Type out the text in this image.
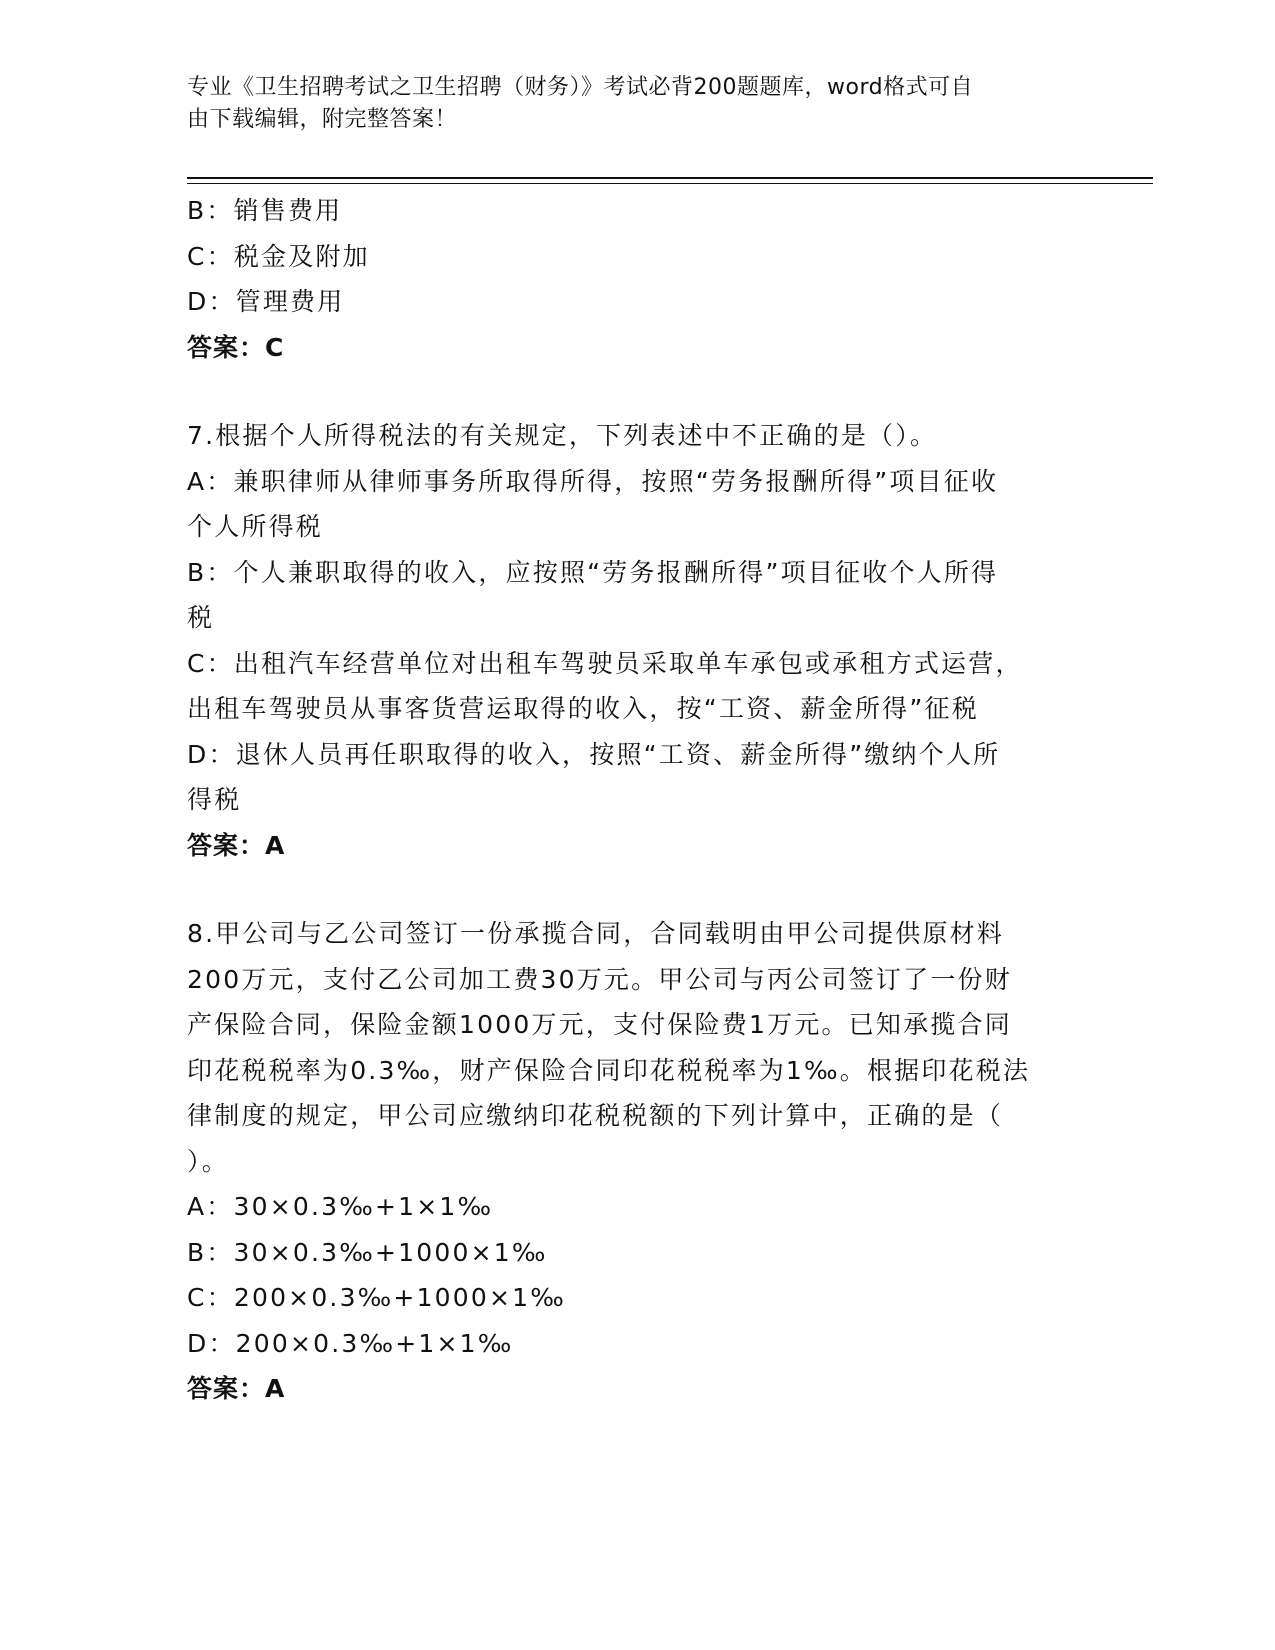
专业《卫生招聘考试之卫生招聘（财务）》考试必背200题题库，word格式可自
由下载编辑，附完整答案！
B：销售费用
C：税金及附加
D：管理费用
答案：C
7.根据个人所得税法的有关规定，下列表述中不正确的是（）。
A：兼职律师从律师事务所取得所得，按照“劳务报酬所得”项目征收
个人所得税
B：个人兼职取得的收入，应按照“劳务报酬所得”项目征收个人所得
税
C：出租汽车经营单位对出租车驾驶员采取单车承包或承租方式运营，
出租车驾驶员从事客货营运取得的收入，按“工资、薪金所得”征税
D：退休人员再任职取得的收入，按照“工资、薪金所得”缴纳个人所
得税
答案：A
8.甲公司与乙公司签订一份承揽合同，合同载明由甲公司提供原材料
200万元，支付乙公司加工费30万元。甲公司与丙公司签订了一份财
产保险合同，保险金额1000万元，支付保险费1万元。已知承揽合同
印花税税率为0.3‰，财产保险合同印花税税率为1‰。根据印花税法
律制度的规定，甲公司应缴纳印花税税额的下列计算中，正确的是（
）。
A：30×0.3‰+1×1‰
B：30×0.3‰+1000×1‰
C：200×0.3‰+1000×1‰
D：200×0.3‰+1×1‰
答案：A
